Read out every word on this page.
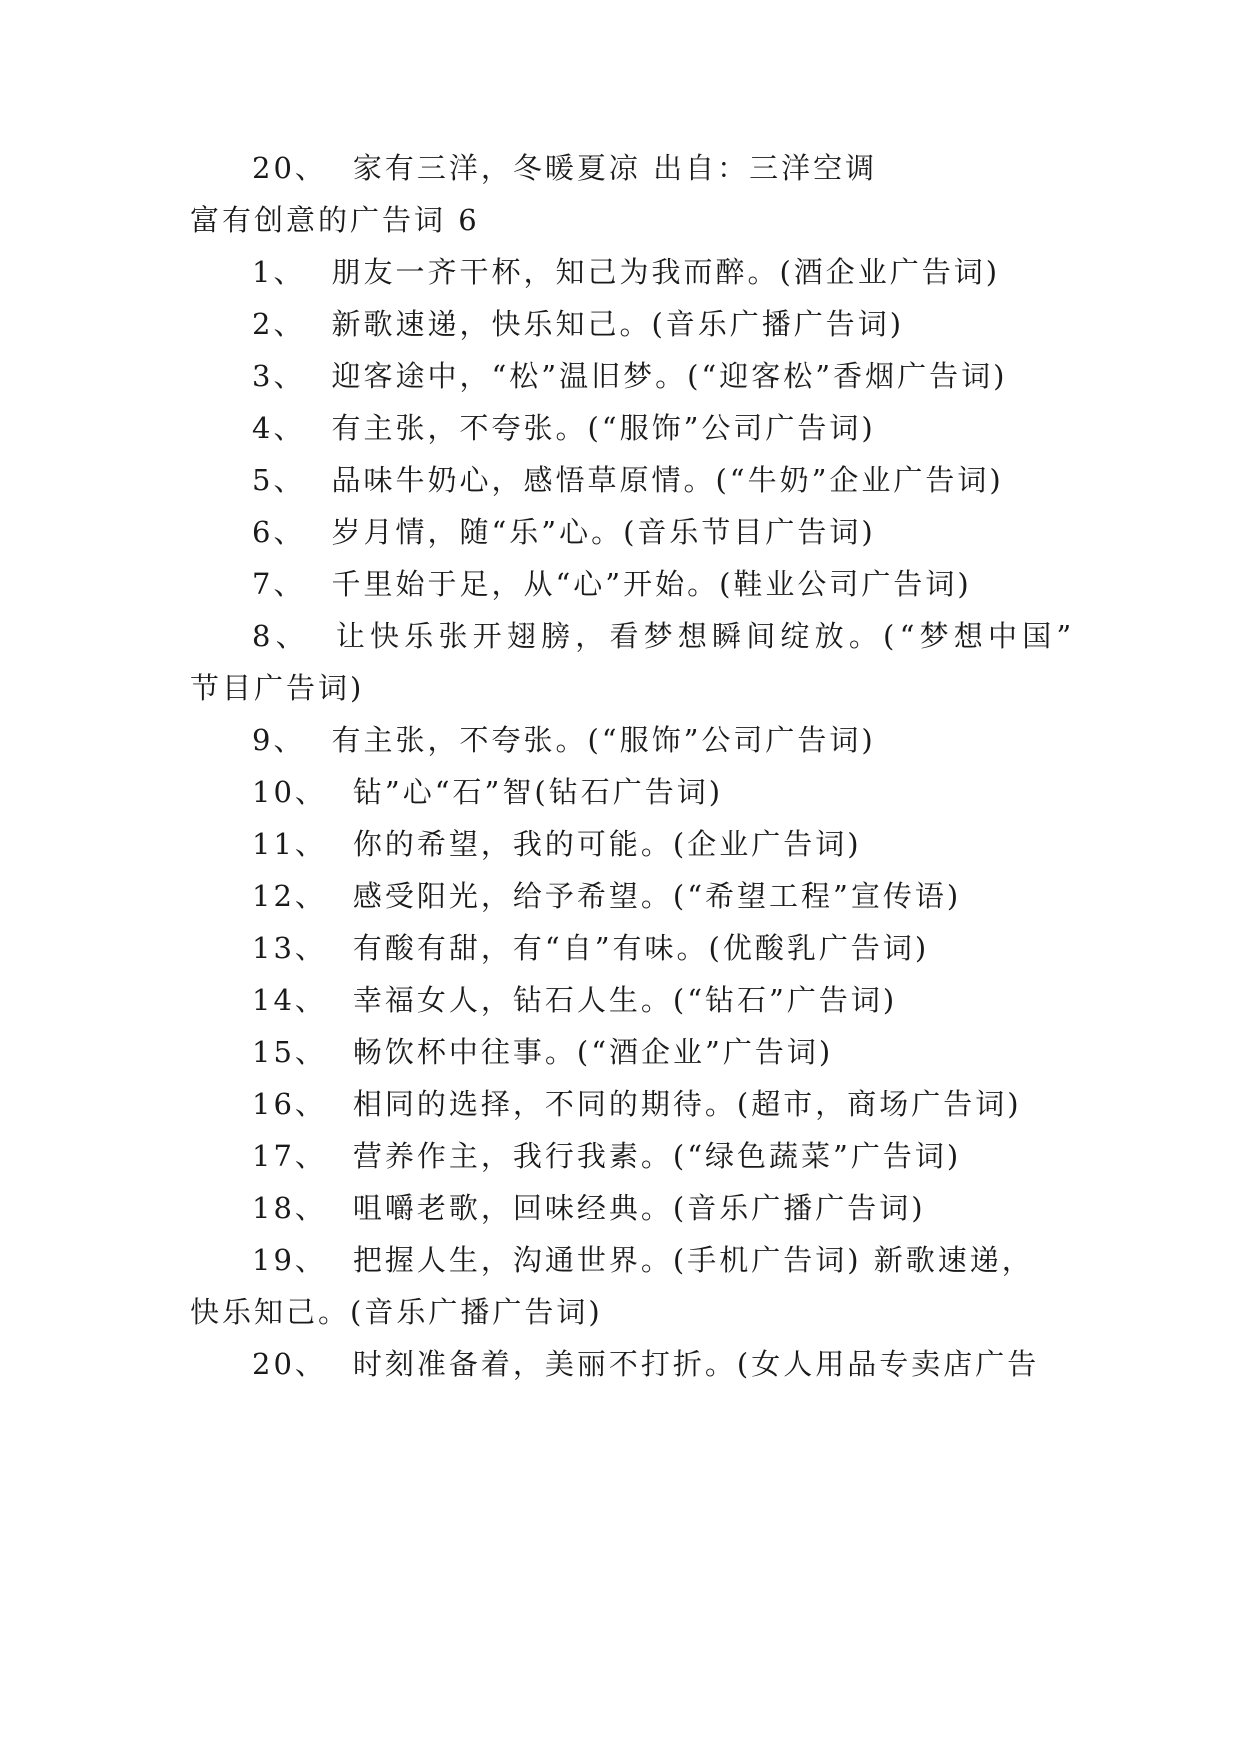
20、 家有三洋，冬暖夏凉 出自：三洋空调
富有创意的广告词 6
1、 朋友一齐干杯，知己为我而醉。(酒企业广告词)
2、 新歌速递，快乐知己。(音乐广播广告词)
3、 迎客途中，“松”温旧梦。(“迎客松”香烟广告词)
4、 有主张，不夸张。(“服饰”公司广告词)
5、 品味牛奶心，感悟草原情。(“牛奶”企业广告词)
6、 岁月情，随“乐”心。(音乐节目广告词)
7、 千里始于足，从“心”开始。(鞋业公司广告词)
8、 让快乐张开翅膀，看梦想瞬间绽放。(“梦想中国”
节目广告词)
9、 有主张，不夸张。(“服饰”公司广告词)
10、 钻”心“石”智(钻石广告词)
11、 你的希望，我的可能。(企业广告词)
12、 感受阳光，给予希望。(“希望工程”宣传语)
13、 有酸有甜，有“自”有味。(优酸乳广告词)
14、 幸福女人，钻石人生。(“钻石”广告词)
15、 畅饮杯中往事。(“酒企业”广告词)
16、 相同的选择，不同的期待。(超市，商场广告词)
17、 营养作主，我行我素。(“绿色蔬菜”广告词)
18、 咀嚼老歌，回味经典。(音乐广播广告词)
19、 把握人生，沟通世界。(手机广告词) 新歌速递，
快乐知己。(音乐广播广告词)
20、 时刻准备着，美丽不打折。(女人用品专卖店广告
